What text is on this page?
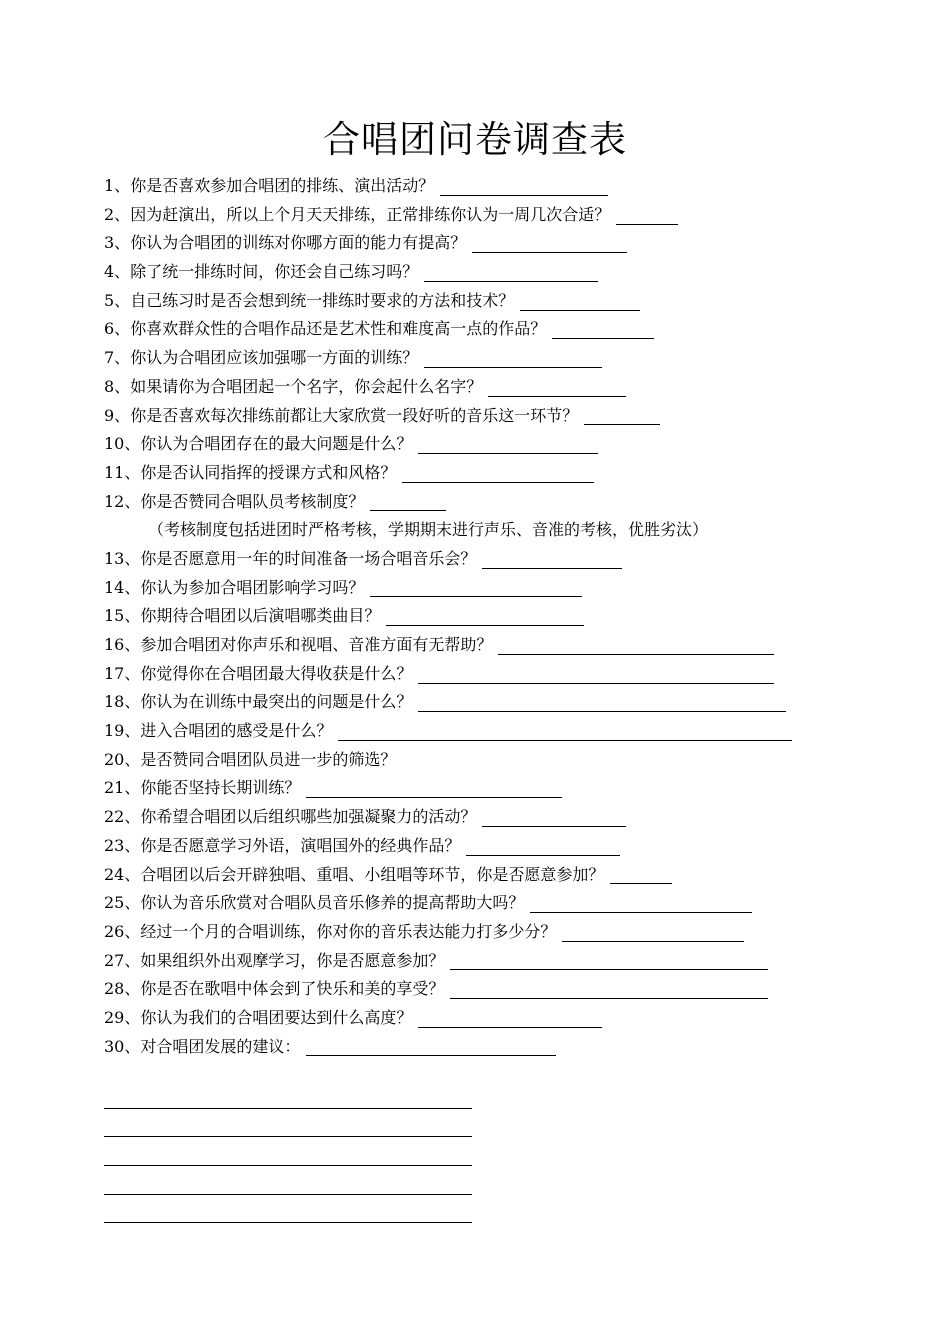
合唱团问卷调查表
1、 你是否喜欢参加合唱团的排练、演出活动？
2、 因为赶演出，所以上个月天天排练，正常排练你认为一周几次合适？
3、 你认为合唱团的训练对你哪方面的能力有提高？
4、 除了统一排练时间，你还会自己练习吗？
5、 自己练习时是否会想到统一排练时要求的方法和技术？
6、 你喜欢群众性的合唱作品还是艺术性和难度高一点的作品？
7、 你认为合唱团应该加强哪一方面的训练？
8、 如果请你为合唱团起一个名字，你会起什么名字？
9、 你是否喜欢每次排练前都让大家欣赏一段好听的音乐这一环节？
10、 你认为合唱团存在的最大问题是什么？
11、 你是否认同指挥的授课方式和风格？
12、 你是否赞同合唱队员考核制度？
（考核制度包括进团时严格考核，学期期末进行声乐、音准的考核，优胜劣汰）
13、 你是否愿意用一年的时间准备一场合唱音乐会？
14、 你认为参加合唱团影响学习吗？
15、 你期待合唱团以后演唱哪类曲目？
16、 参加合唱团对你声乐和视唱、音准方面有无帮助？
17、 你觉得你在合唱团最大得收获是什么？
18、 你认为在训练中最突出的问题是什么？
19、 进入合唱团的感受是什么？
20、 是否赞同合唱团队员进一步的筛选？
21、 你能否坚持长期训练？
22、 你希望合唱团以后组织哪些加强凝聚力的活动？
23、 你是否愿意学习外语，演唱国外的经典作品？
24、 合唱团以后会开辟独唱、重唱、小组唱等环节，你是否愿意参加？
25、 你认为音乐欣赏对合唱队员音乐修养的提高帮助大吗？
26、 经过一个月的合唱训练，你对你的音乐表达能力打多少分？
27、 如果组织外出观摩学习，你是否愿意参加？
28、 你是否在歌唱中体会到了快乐和美的享受？
29、 你认为我们的合唱团要达到什么高度？
30、 对合唱团发展的建议：
